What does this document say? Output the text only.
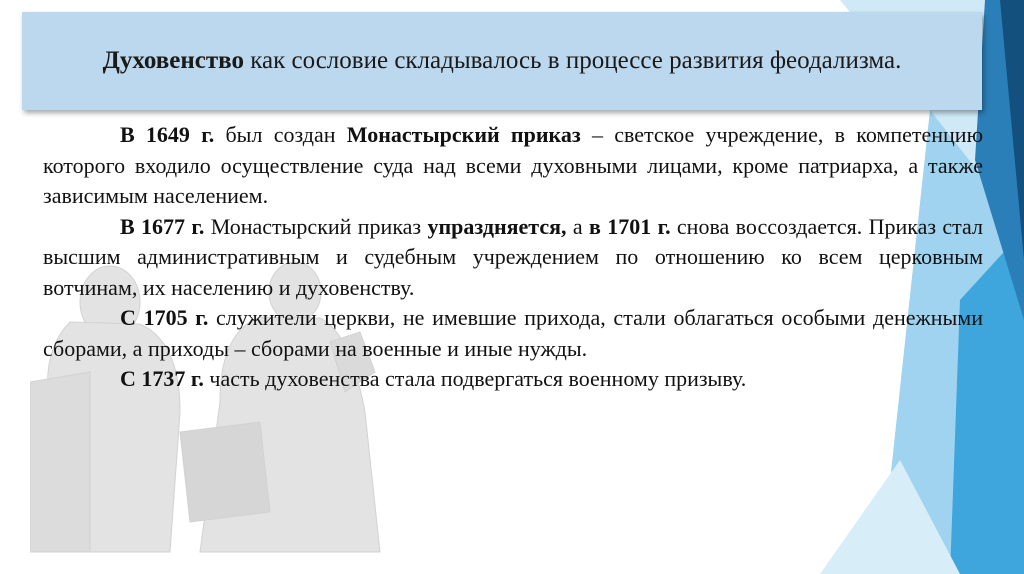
Духовенство как сословие складывалось в процессе развития феодализма.

В 1649 г. был создан Монастырский приказ – светское учреждение, в компетенцию которого входило осуществление суда над всеми духовными лицами, кроме патриарха, а также зависимым населением.

В 1677 г. Монастырский приказ упраздняется, а в 1701 г. снова воссоздается. Приказ стал высшим административным и судебным учреждением по отношению ко всем церковным вотчинам, их населению и духовенству.

С 1705 г. служители церкви, не имевшие прихода, стали облагаться особыми денежными сборами, а приходы – сборами на военные и иные нужды.

С 1737 г. часть духовенства стала подвергаться военному призыву.
